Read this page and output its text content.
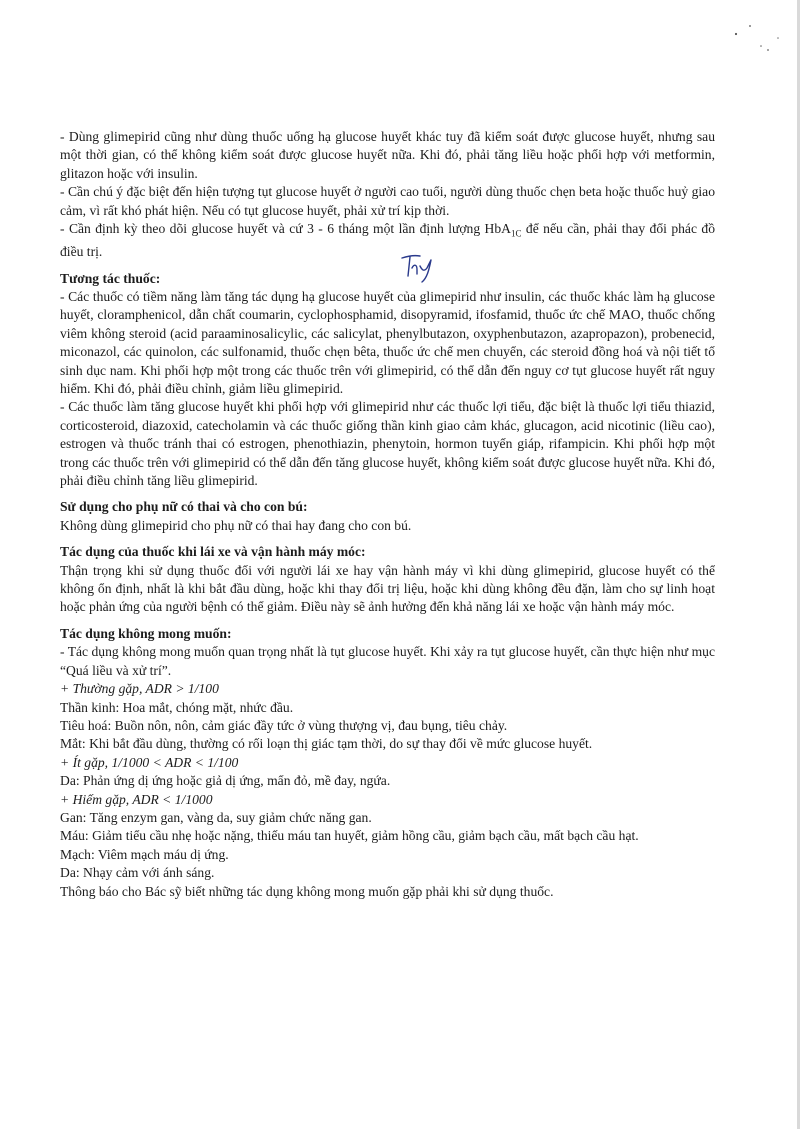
- Dùng glimepirid cũng như dùng thuốc uống hạ glucose huyết khác tuy đã kiểm soát được glucose huyết, nhưng sau một thời gian, có thể không kiểm soát được glucose huyết nữa. Khi đó, phải tăng liều hoặc phối hợp với metformin, glitazon hoặc với insulin.

- Cần chú ý đặc biệt đến hiện tượng tụt glucose huyết ở người cao tuổi, người dùng thuốc chẹn beta hoặc thuốc huỷ giao cảm, vì rất khó phát hiện. Nếu có tụt glucose huyết, phải xử trí kịp thời.

- Cần định kỳ theo dõi glucose huyết và cứ 3 - 6 tháng một lần định lượng HbA$_{1C}$ để nếu cần, phải thay đổi phác đồ điều trị.

Tương tác thuốc:

- Các thuốc có tiềm năng làm tăng tác dụng hạ glucose huyết của glimepirid như insulin, các thuốc khác làm hạ glucose huyết, cloramphenicol, dẫn chất coumarin, cyclophosphamid, disopyramid, ifosfamid, thuốc ức chế MAO, thuốc chống viêm không steroid (acid paraaminosalicylic, các salicylat, phenylbutazon, oxyphenbutazon, azapropazon), probenecid, miconazol, các quinolon, các sulfonamid, thuốc chẹn bêta, thuốc ức chế men chuyển, các steroid đồng hoá và nội tiết tố sinh dục nam. Khi phối hợp một trong các thuốc trên với glimepirid, có thể dẫn đến nguy cơ tụt glucose huyết rất nguy hiểm. Khi đó, phải điều chỉnh, giảm liều glimepirid.

- Các thuốc làm tăng glucose huyết khi phối hợp với glimepirid như các thuốc lợi tiểu, đặc biệt là thuốc lợi tiểu thiazid, corticosteroid, diazoxid, catecholamin và các thuốc giống thần kinh giao cảm khác, glucagon, acid nicotinic (liều cao), estrogen và thuốc tránh thai có estrogen, phenothiazin, phenytoin, hormon tuyến giáp, rifampicin. Khi phối hợp một trong các thuốc trên với glimepirid có thể dẫn đến tăng glucose huyết, không kiểm soát được glucose huyết nữa. Khi đó, phải điều chỉnh tăng liều glimepirid.

Sử dụng cho phụ nữ có thai và cho con bú:

Không dùng glimepirid cho phụ nữ có thai hay đang cho con bú.

Tác dụng của thuốc khi lái xe và vận hành máy móc:

Thận trọng khi sử dụng thuốc đối với người lái xe hay vận hành máy vì khi dùng glimepirid, glucose huyết có thể không ổn định, nhất là khi bắt đầu dùng, hoặc khi thay đổi trị liệu, hoặc khi dùng không đều đặn, làm cho sự linh hoạt hoặc phản ứng của người bệnh có thể giảm. Điều này sẽ ảnh hưởng đến khả năng lái xe hoặc vận hành máy móc.

Tác dụng không mong muốn:

- Tác dụng không mong muốn quan trọng nhất là tụt glucose huyết. Khi xảy ra tụt glucose huyết, cần thực hiện như mục “Quá liều và xử trí”.

+ Thường gặp, ADR > 1/100

Thần kinh: Hoa mắt, chóng mặt, nhức đầu.

Tiêu hoá: Buồn nôn, nôn, cảm giác đầy tức ở vùng thượng vị, đau bụng, tiêu chảy.

Mắt: Khi bắt đầu dùng, thường có rối loạn thị giác tạm thời, do sự thay đổi về mức glucose huyết.

+ Ít gặp, 1/1000 < ADR < 1/100

Da: Phản ứng dị ứng hoặc giả dị ứng, mẩn đỏ, mề đay, ngứa.

+ Hiếm gặp, ADR < 1/1000

Gan: Tăng enzym gan, vàng da, suy giảm chức năng gan.

Máu: Giảm tiểu cầu nhẹ hoặc nặng, thiếu máu tan huyết, giảm hồng cầu, giảm bạch cầu, mất bạch cầu hạt.

Mạch: Viêm mạch máu dị ứng.

Da: Nhạy cảm với ánh sáng.

Thông báo cho Bác sỹ biết những tác dụng không mong muốn gặp phải khi sử dụng thuốc.
